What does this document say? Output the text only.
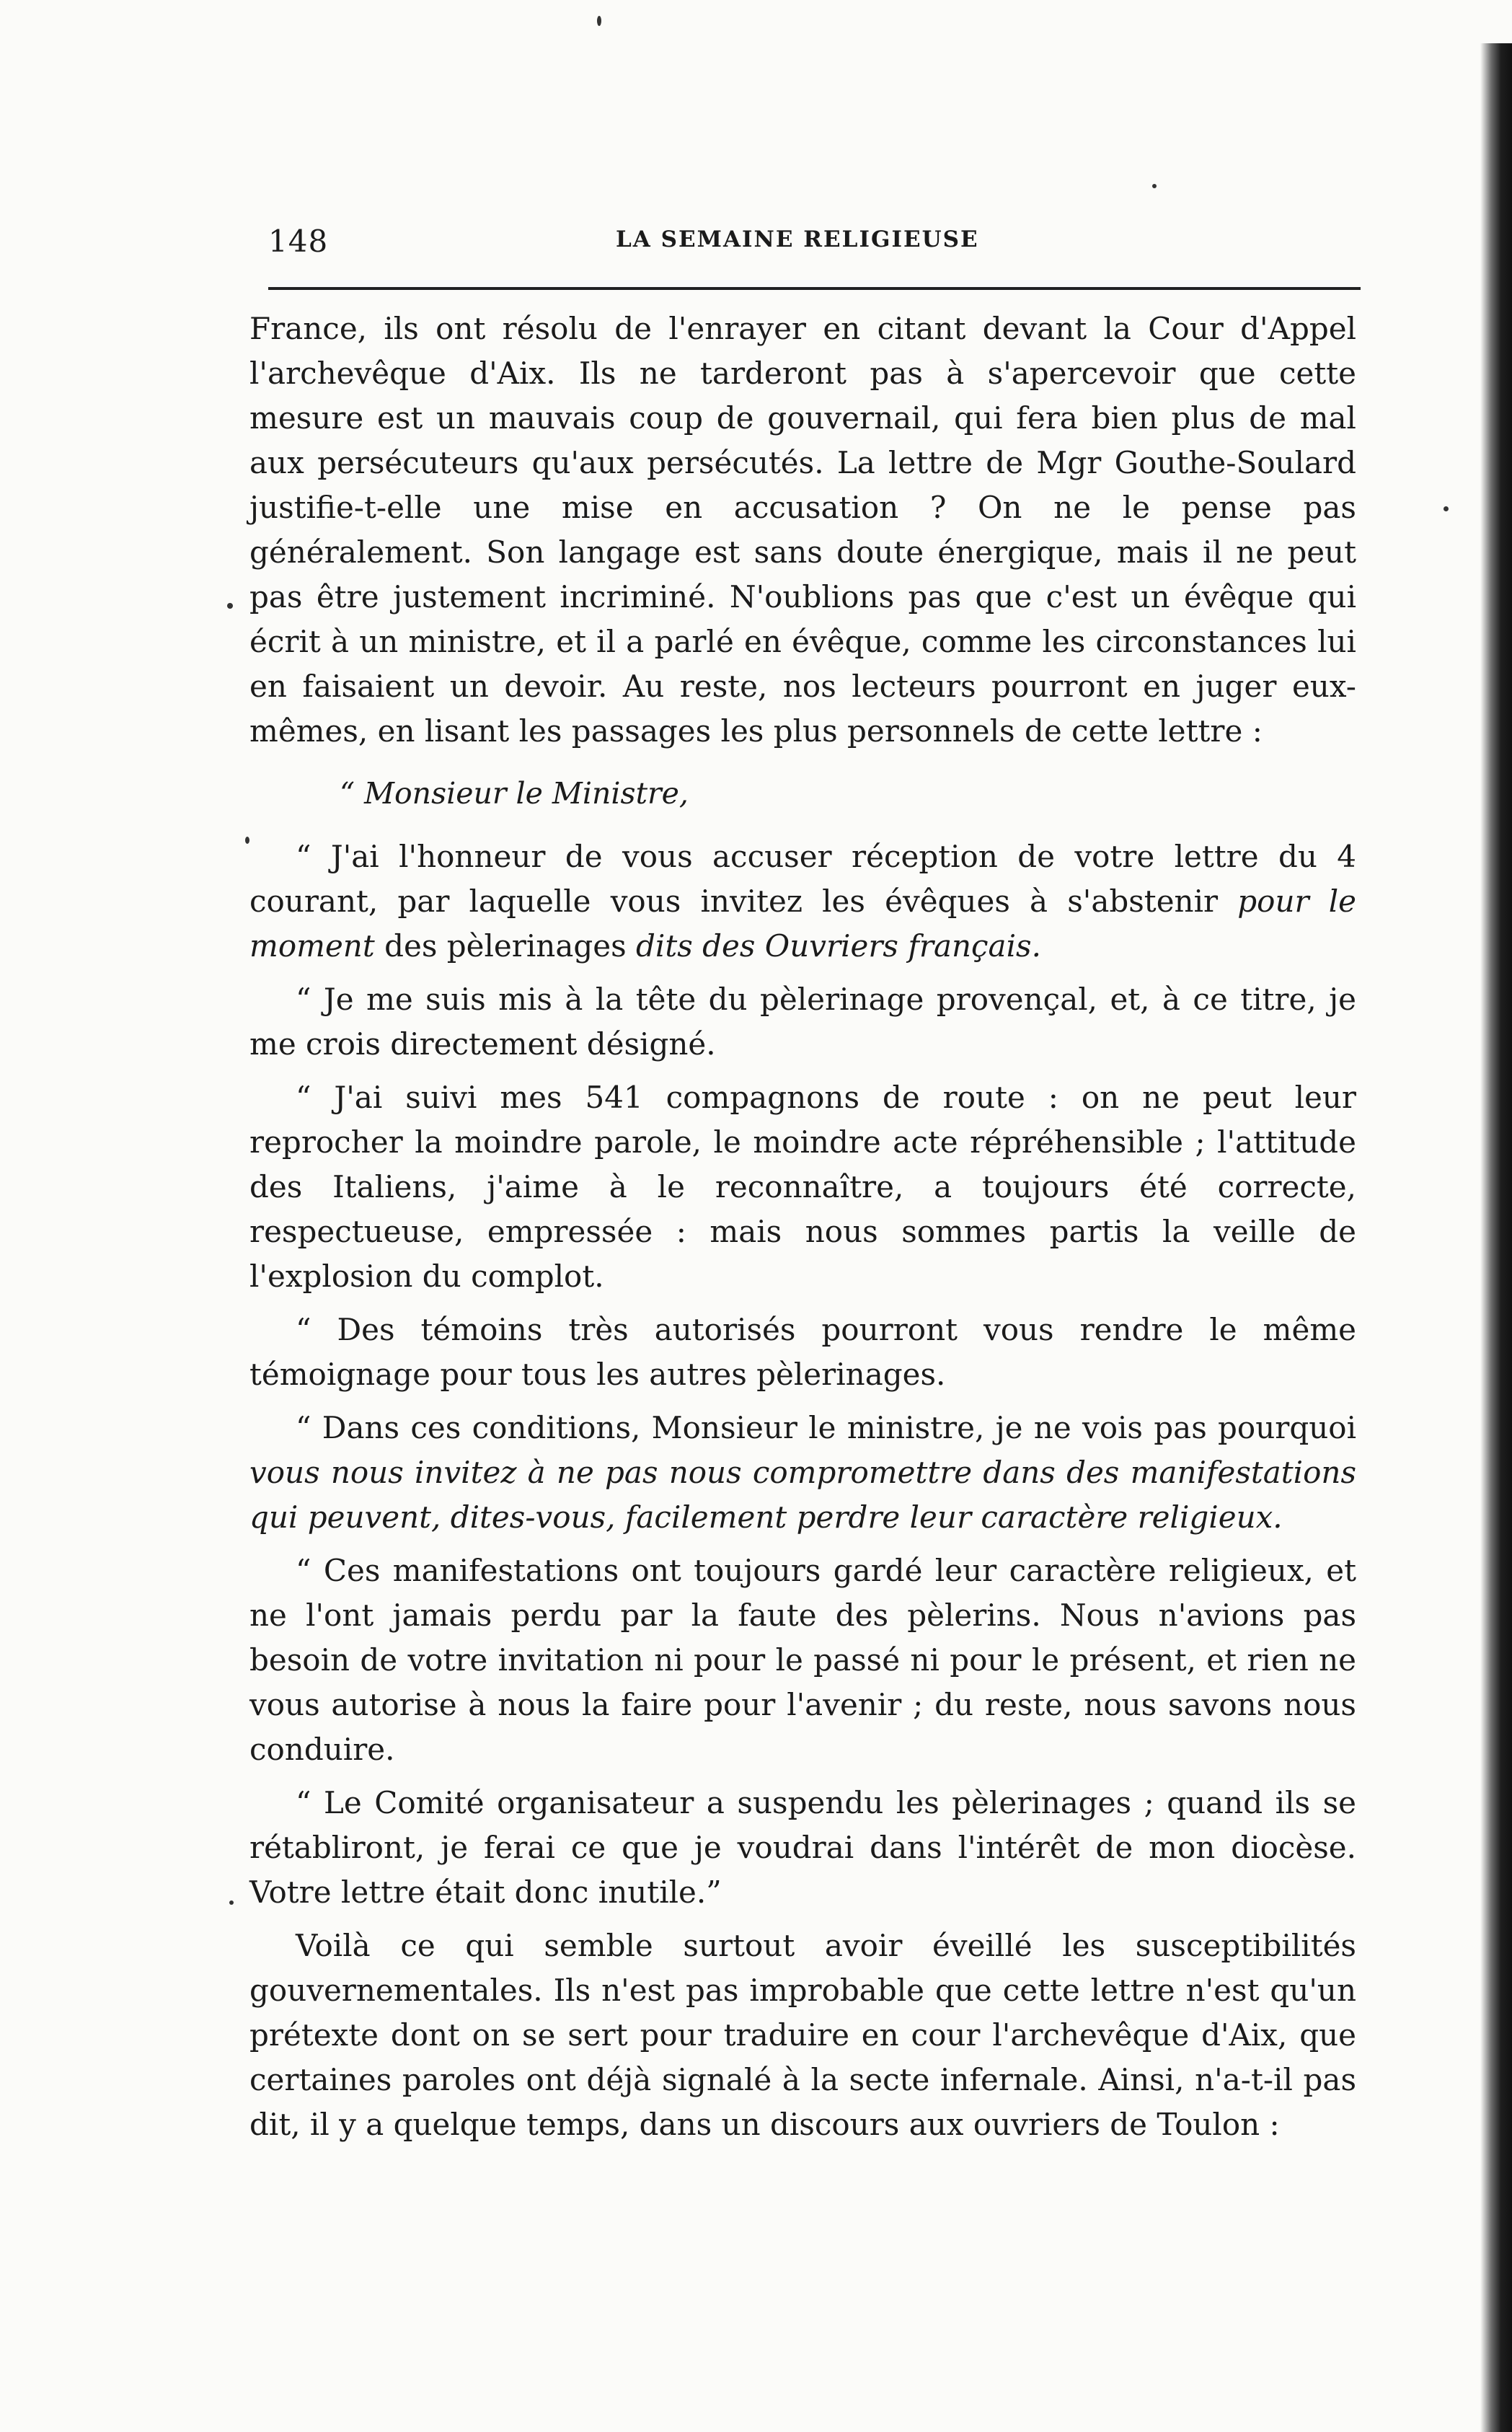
148	LA SEMAINE RELIGIEUSE

France, ils ont résolu de l'enrayer en citant devant la Cour d'Appel l'archevêque d'Aix. Ils ne tarderont pas à s'apercevoir que cette mesure est un mauvais coup de gouvernail, qui fera bien plus de mal aux persécuteurs qu'aux persécutés. La lettre de Mgr Gouthe-Soulard justifie-t-elle une mise en accusation ? On ne le pense pas généralement. Son langage est sans doute énergique, mais il ne peut pas être justement incriminé. N'oublions pas que c'est un évêque qui écrit à un ministre, et il a parlé en évêque, comme les circonstances lui en faisaient un devoir. Au reste, nos lecteurs pourront en juger eux-mêmes, en lisant les passages les plus personnels de cette lettre :

“ Monsieur le Ministre,

“ J'ai l'honneur de vous accuser réception de votre lettre du 4 courant, par laquelle vous invitez les évêques à s'abstenir pour le moment des pèlerinages dits des Ouvriers français.

“ Je me suis mis à la tête du pèlerinage provençal, et, à ce titre, je me crois directement désigné.

“ J'ai suivi mes 541 compagnons de route : on ne peut leur reprocher la moindre parole, le moindre acte répréhensible ; l'attitude des Italiens, j'aime à le reconnaître, a toujours été correcte, respectueuse, empressée : mais nous sommes partis la veille de l'explosion du complot.

“ Des témoins très autorisés pourront vous rendre le même témoignage pour tous les autres pèlerinages.

“ Dans ces conditions, Monsieur le ministre, je ne vois pas pourquoi vous nous invitez à ne pas nous compromettre dans des manifestations qui peuvent, dites-vous, facilement perdre leur caractère religieux.

“ Ces manifestations ont toujours gardé leur caractère religieux, et ne l'ont jamais perdu par la faute des pèlerins. Nous n'avions pas besoin de votre invitation ni pour le passé ni pour le présent, et rien ne vous autorise à nous la faire pour l'avenir ; du reste, nous savons nous conduire.

“ Le Comité organisateur a suspendu les pèlerinages ; quand ils se rétabliront, je ferai ce que je voudrai dans l'intérêt de mon diocèse. Votre lettre était donc inutile.”

Voilà ce qui semble surtout avoir éveillé les susceptibilités gouvernementales. Ils n'est pas improbable que cette lettre n'est qu'un prétexte dont on se sert pour traduire en cour l'archevêque d'Aix, que certaines paroles ont déjà signalé à la secte infernale. Ainsi, n'a-t-il pas dit, il y a quelque temps, dans un discours aux ouvriers de Toulon :
